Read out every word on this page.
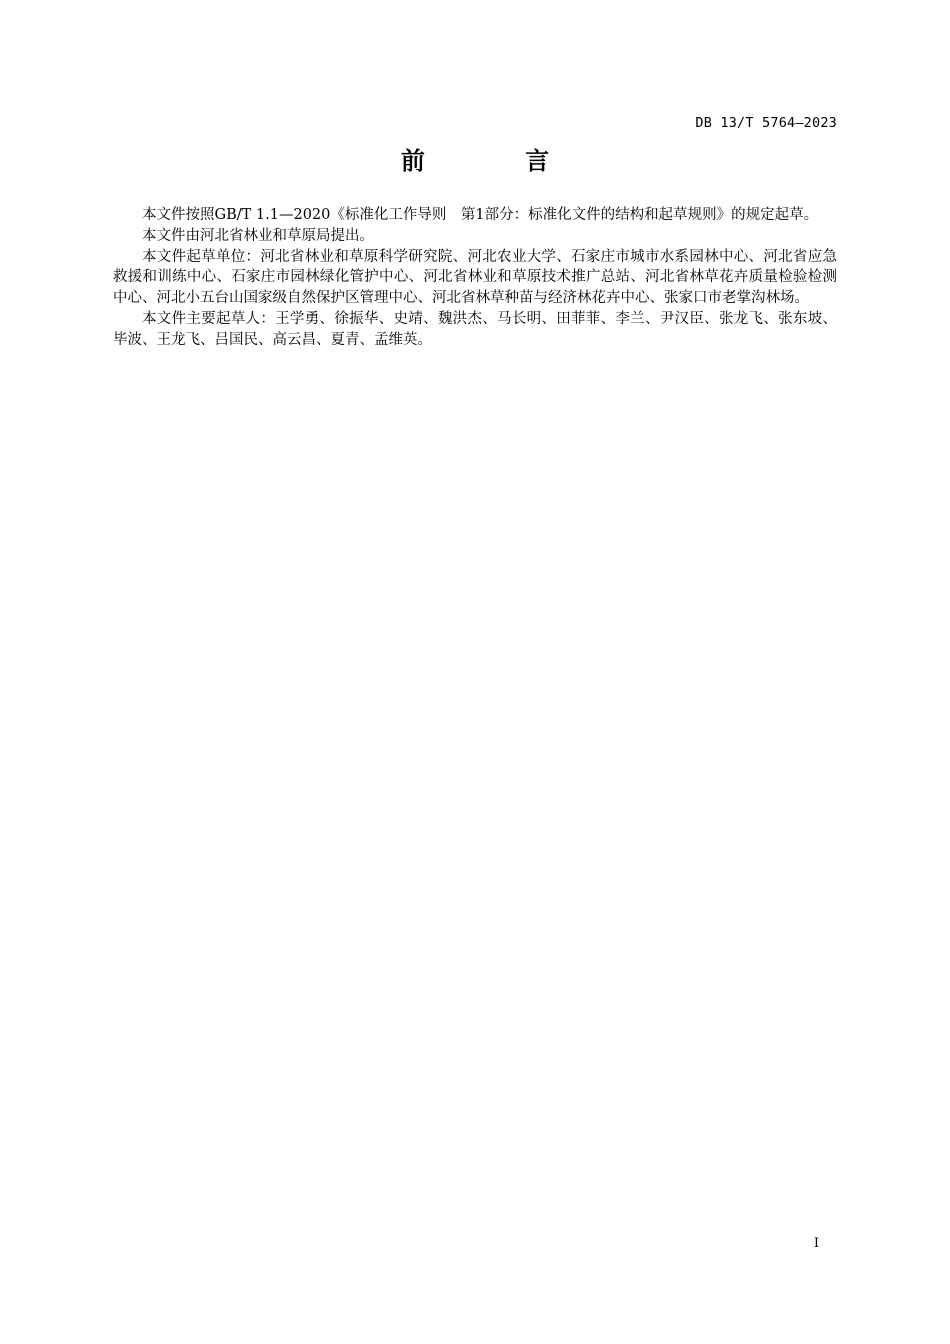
DB 13/T 5764—2023
前 言

本文件按照GB/T 1.1—2020《标准化工作导则　第1部分：标准化文件的结构和起草规则》的规定起草。

本文件由河北省林业和草原局提出。

本文件起草单位：河北省林业和草原科学研究院、河北农业大学、石家庄市城市水系园林中心、河北省应急救援和训练中心、石家庄市园林绿化管护中心、河北省林业和草原技术推广总站、河北省林草花卉质量检验检测中心、河北小五台山国家级自然保护区管理中心、河北省林草种苗与经济林花卉中心、张家口市老掌沟林场。

本文件主要起草人：王学勇、徐振华、史靖、魏洪杰、马长明、田菲菲、李兰、尹汉臣、张龙飞、张东坡、毕波、王龙飞、吕国民、高云昌、夏青、孟维英。

I
